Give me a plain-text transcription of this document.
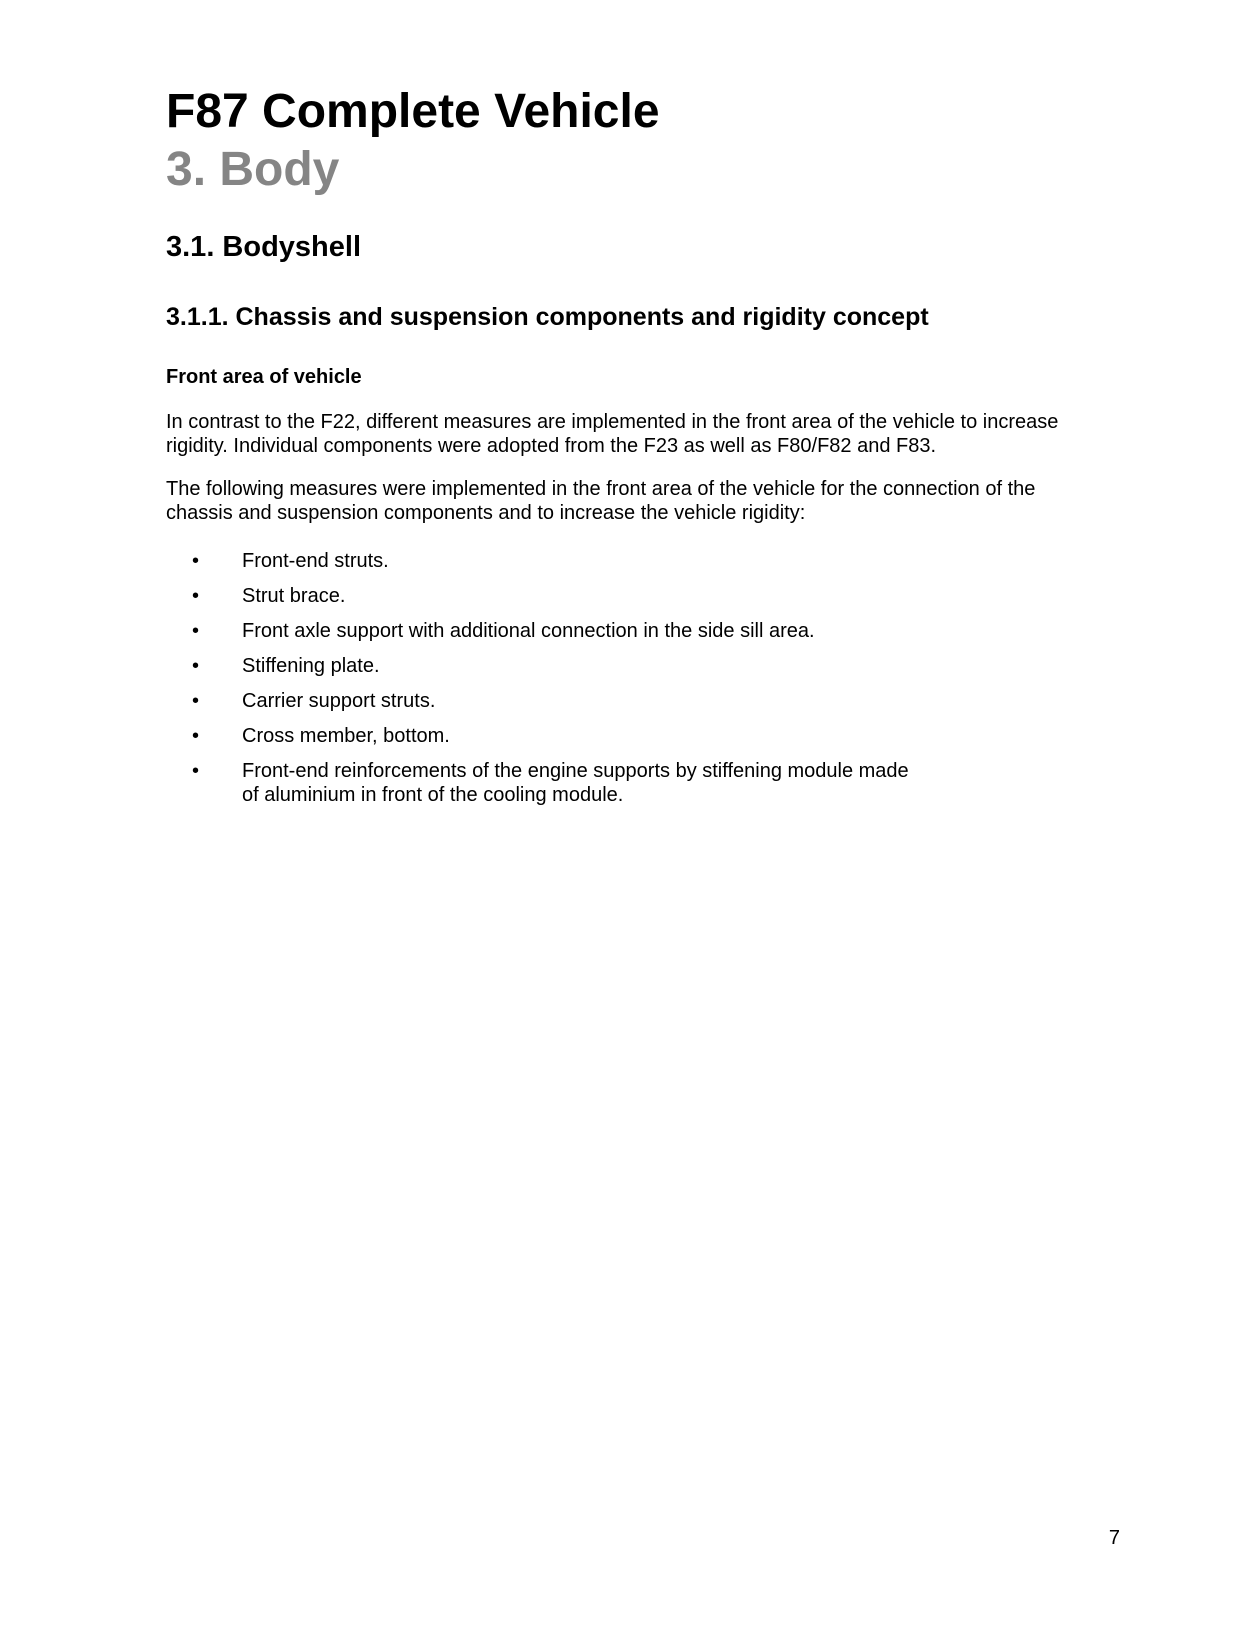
F87 Complete Vehicle
3. Body
3.1. Bodyshell
3.1.1. Chassis and suspension components and rigidity concept
Front area of vehicle

In contrast to the F22, different measures are implemented in the front area of the vehicle to increase rigidity. Individual components were adopted from the F23 as well as F80/F82 and F83.

The following measures were implemented in the front area of the vehicle for the connection of the chassis and suspension components and to increase the vehicle rigidity:

•	Front-end struts.
•	Strut brace.
•	Front axle support with additional connection in the side sill area.
•	Stiffening plate.
•	Carrier support struts.
•	Cross member, bottom.
•	Front-end reinforcements of the engine supports by stiffening module made of aluminium in front of the cooling module.

7
